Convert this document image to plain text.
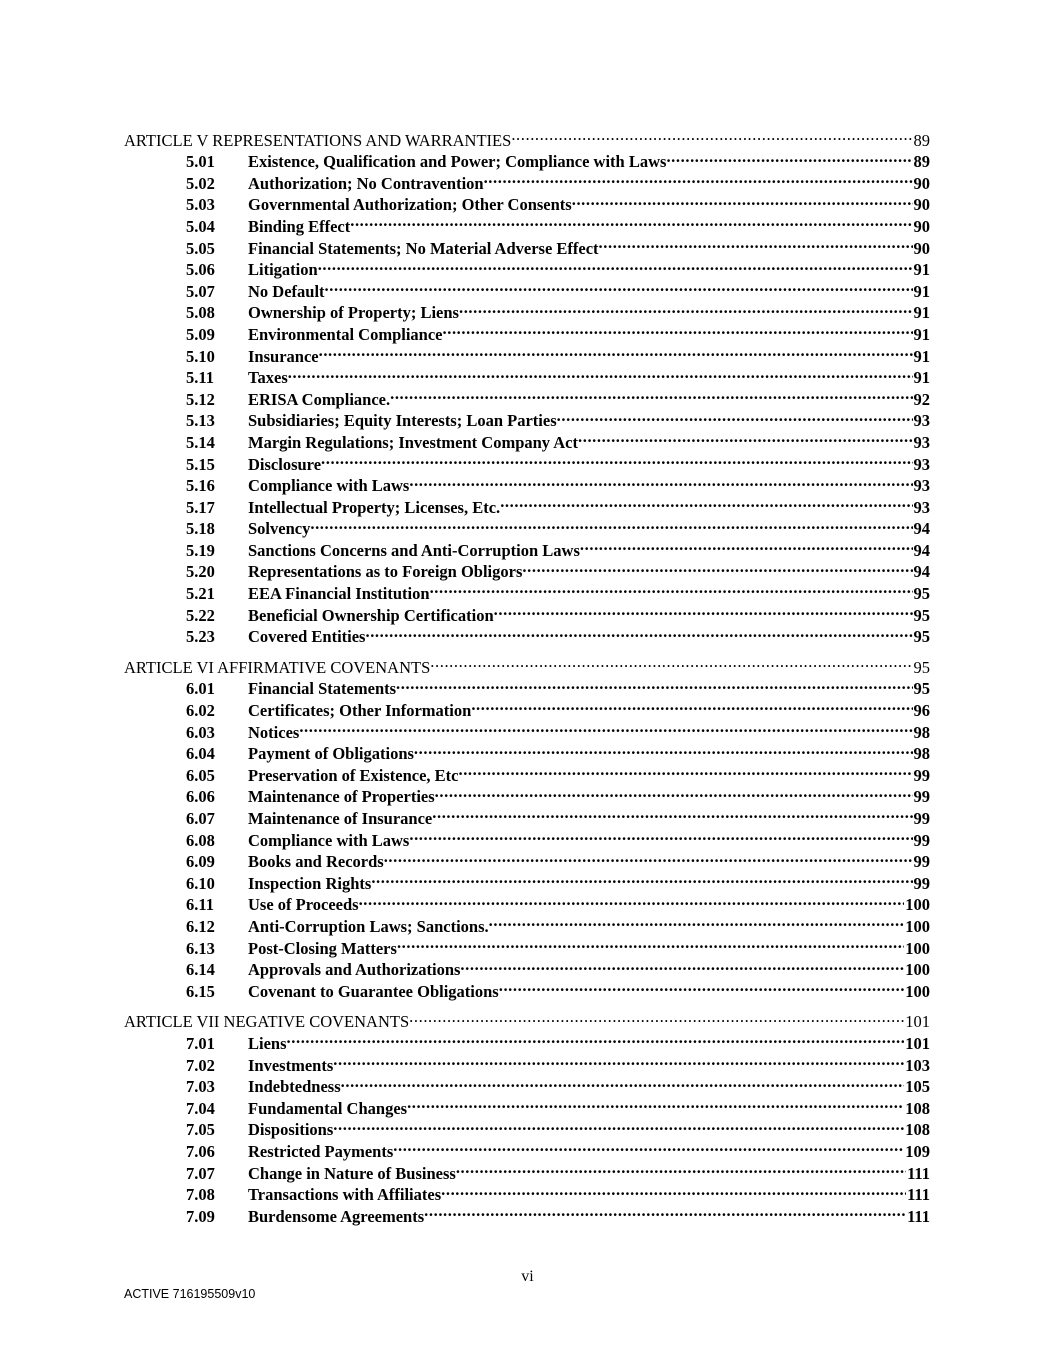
ARTICLE V REPRESENTATIONS AND WARRANTIES .....	89
5.01	Existence, Qualification and Power; Compliance with Laws .....	89
5.02	Authorization; No Contravention .....	90
5.03	Governmental Authorization; Other Consents .....	90
5.04	Binding Effect .....	90
5.05	Financial Statements; No Material Adverse Effect .....	90
5.06	Litigation .....	91
5.07	No Default .....	91
5.08	Ownership of Property; Liens .....	91
5.09	Environmental Compliance .....	91
5.10	Insurance .....	91
5.11	Taxes .....	91
5.12	ERISA Compliance. .....	92
5.13	Subsidiaries; Equity Interests; Loan Parties .....	93
5.14	Margin Regulations; Investment Company Act .....	93
5.15	Disclosure .....	93
5.16	Compliance with Laws .....	93
5.17	Intellectual Property; Licenses, Etc. .....	93
5.18	Solvency .....	94
5.19	Sanctions Concerns and Anti-Corruption Laws .....	94
5.20	Representations as to Foreign Obligors .....	94
5.21	EEA Financial Institution .....	95
5.22	Beneficial Ownership Certification .....	95
5.23	Covered Entities .....	95
ARTICLE VI AFFIRMATIVE COVENANTS .....	95
6.01	Financial Statements .....	95
6.02	Certificates; Other Information .....	96
6.03	Notices .....	98
6.04	Payment of Obligations .....	98
6.05	Preservation of Existence, Etc .....	99
6.06	Maintenance of Properties .....	99
6.07	Maintenance of Insurance .....	99
6.08	Compliance with Laws .....	99
6.09	Books and Records .....	99
6.10	Inspection Rights .....	99
6.11	Use of Proceeds .....	100
6.12	Anti-Corruption Laws; Sanctions. .....	100
6.13	Post-Closing Matters .....	100
6.14	Approvals and Authorizations .....	100
6.15	Covenant to Guarantee Obligations .....	100
ARTICLE VII NEGATIVE COVENANTS .....	101
7.01	Liens .....	101
7.02	Investments .....	103
7.03	Indebtedness .....	105
7.04	Fundamental Changes .....	108
7.05	Dispositions .....	108
7.06	Restricted Payments .....	109
7.07	Change in Nature of Business .....	111
7.08	Transactions with Affiliates .....	111
7.09	Burdensome Agreements .....	111
vi
ACTIVE 716195509v10
